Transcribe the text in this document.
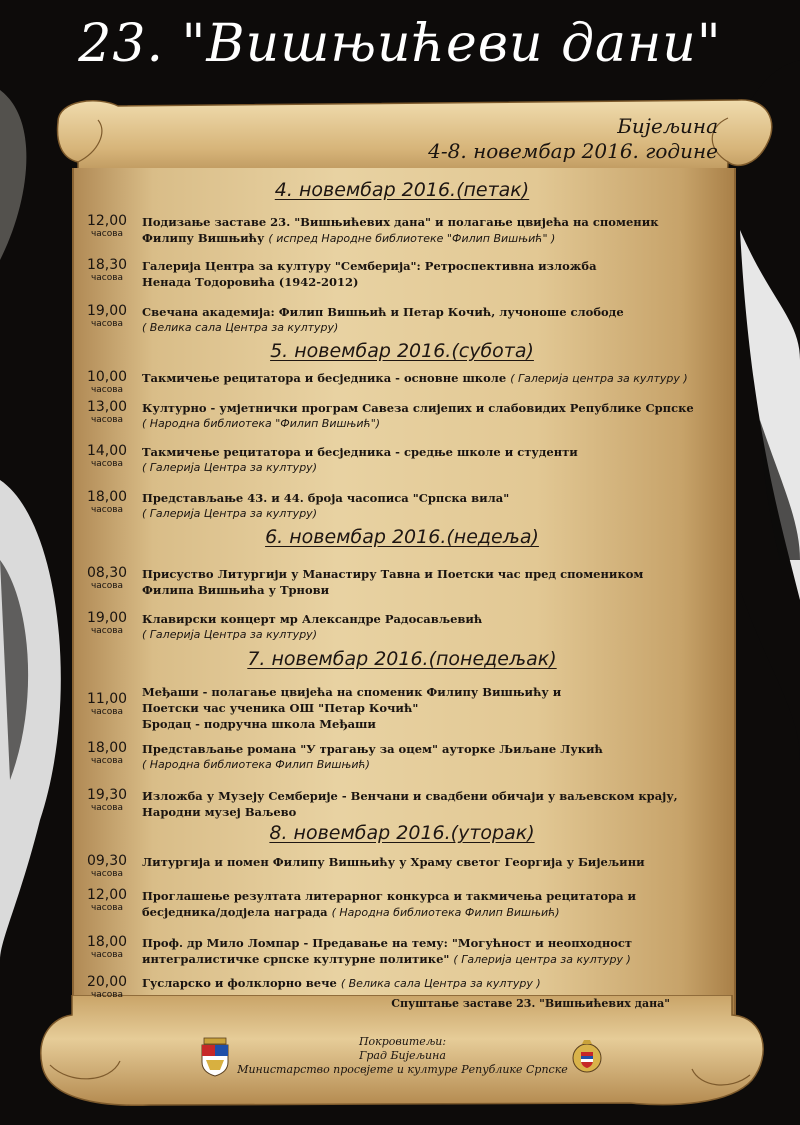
23. "Вишњићеви дани"
Бијељина
4-8. новембар 2016. године
4. новембар 2016.(петак)
12,00
часова
Подизање заставе 23. "Вишњићевих дана" и полагање цвијећа на споменик
Филипу Вишњићу ( испред Народне библиотеке "Филип Вишњић" )
18,30
часова
Галерија Центра за културу "Семберија": Ретроспективна изложба
Ненада Тодоровића (1942-2012)
19,00
часова
Свечана академија: Филип Вишњић и Петар Кочић, лучоноше слободе
( Велика сала Центра за културу)
5. новембар 2016.(субота)
10,00
часова
Такмичење рецитатора и бесједника - основне школе ( Галерија центра за културу )
13,00
часова
Културно - умјетнички програм Савеза слијепих и слабовидих Републике Српске
( Народна библиотека "Филип Вишњић")
14,00
часова
Такмичење рецитатора и бесједника - средње школе и студенти
( Галерија Центра за културу)
18,00
часова
Представљање 43. и 44. броја часописа "Српска вила"
( Галерија Центра за културу)
6. новембар 2016.(недеља)
08,30
часова
Присуство Литургији у Манастиру Тавна и Поетски час пред спомеником
Филипа Вишњића у Трнови
19,00
часова
Клавирски концерт мр Александре Радосављевић
( Галерија Центра за културу)
7. новембар 2016.(понедељак)
11,00
часова
Међаши - полагање цвијећа на споменик Филипу Вишњићу и
Поетски час ученика ОШ "Петар Кочић"
Бродац - подручна школа Међаши
18,00
часова
Представљање романа "У трагању за оцем" ауторке Љиљане Лукић
( Народна библиотека Филип Вишњић)
19,30
часова
Изложба у Музеју Семберије - Венчани и свадбени обичаји у ваљевском крају,
Народни музеј Ваљево
8. новембар 2016.(уторак)
09,30
часова
Литургија и помен Филипу Вишњићу у Храму светог Георгија у Бијељини
12,00
часова
Проглашење резултата литерарног конкурса и такмичења рецитатора и
бесједника/додјела награда ( Народна библиотека Филип Вишњић)
18,00
часова
Проф. др Мило Ломпар - Предавање на тему: "Могућност и неопходност
интегралистичке српске културне политике" ( Галерија центра за културу )
20,00
часова
Гусларско и фолклорно вече ( Велика сала Центра за културу )
Спуштање заставе 23. "Вишњићевих дана"
Покровитељи:
Град Бијељина
Министарство просвјете и културе Републике Српске
